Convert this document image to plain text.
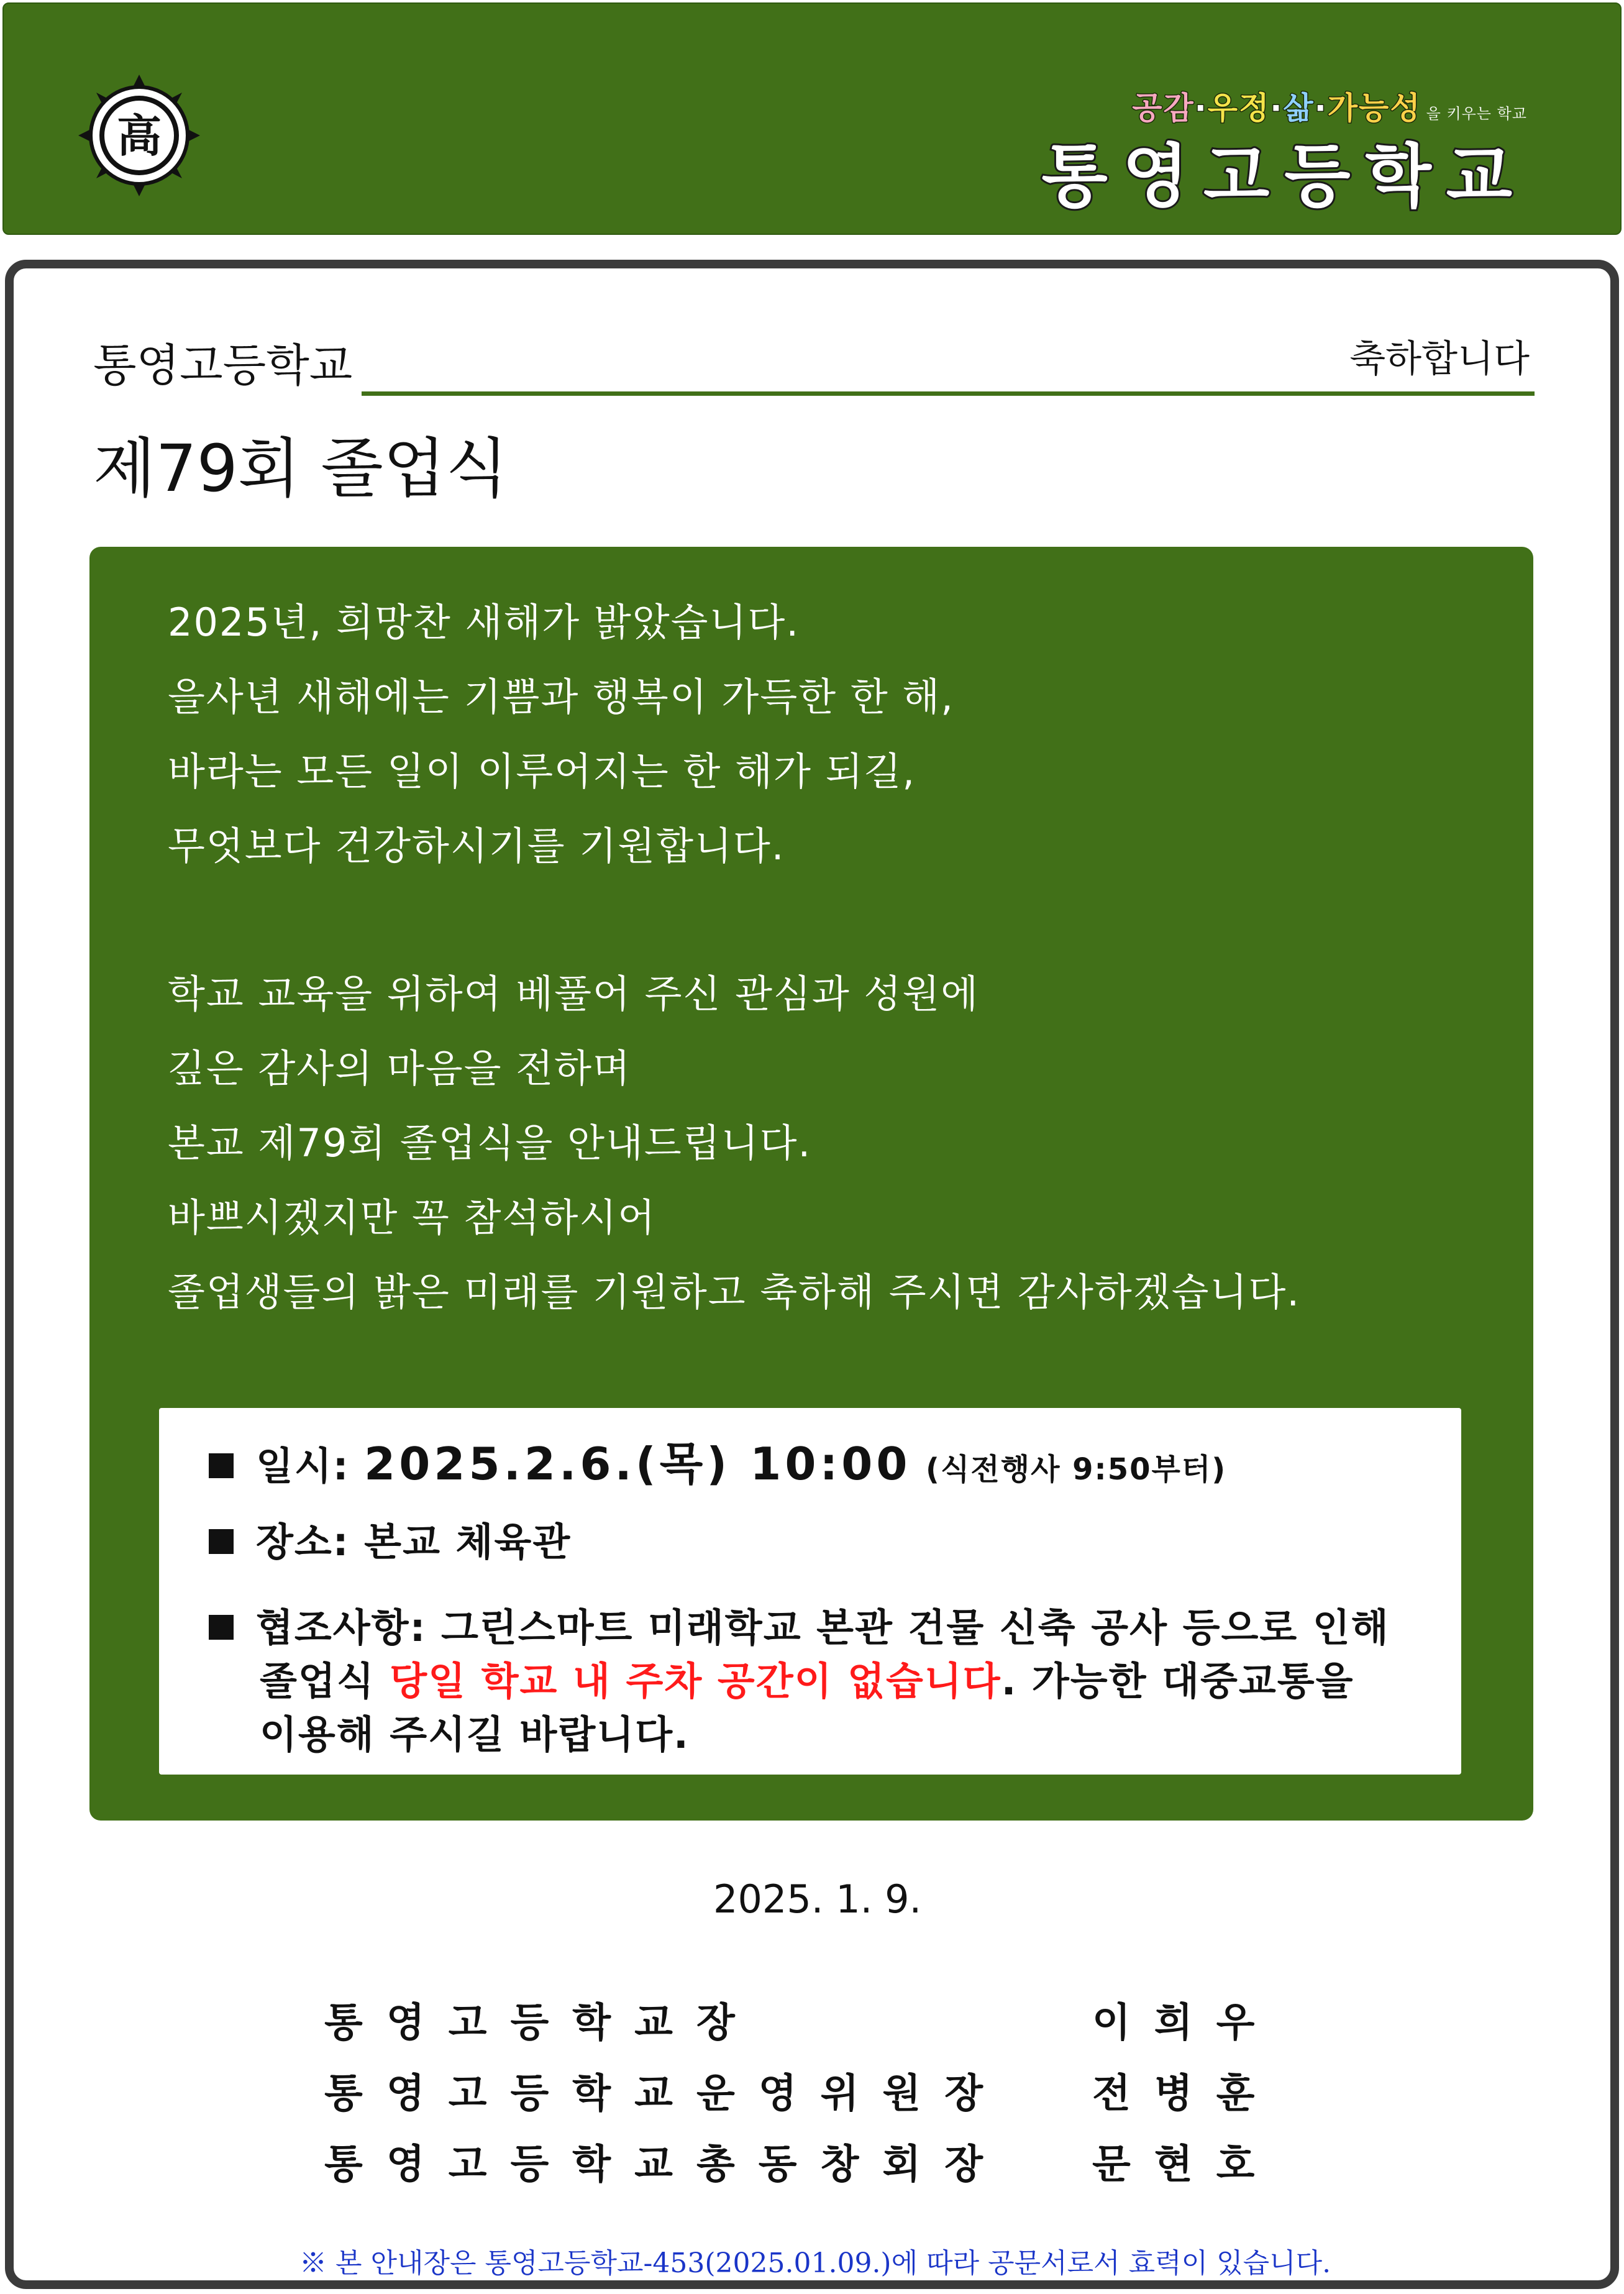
高
공감·우정·삶·가능성 을 키우는 학교
통영고등학교
통영고등학교	축하합니다
제79회 졸업식
2025년, 희망찬 새해가 밝았습니다.
을사년 새해에는 기쁨과 행복이 가득한 한 해,
바라는 모든 일이 이루어지는 한 해가 되길,
무엇보다 건강하시기를 기원합니다.
학교 교육을 위하여 베풀어 주신 관심과 성원에
깊은 감사의 마음을 전하며
본교 제79회 졸업식을 안내드립니다.
바쁘시겠지만 꼭 참석하시어
졸업생들의 밝은 미래를 기원하고 축하해 주시면 감사하겠습니다.
일시: 2025.2.6.(목) 10:00 (식전행사 9:50부터)
장소: 본교 체육관
협조사항: 그린스마트 미래학교 본관 건물 신축 공사 등으로 인해
졸업식 당일 학교 내 주차 공간이 없습니다. 가능한 대중교통을
이용해 주시길 바랍니다.
2025. 1. 9.
통영고등학교장	이희우
통영고등학교운영위원장 전병훈
통영고등학교총동창회장 문현호
※ 본 안내장은 통영고등학교-453(2025.01.09.)에 따라 공문서로서 효력이 있습니다.
